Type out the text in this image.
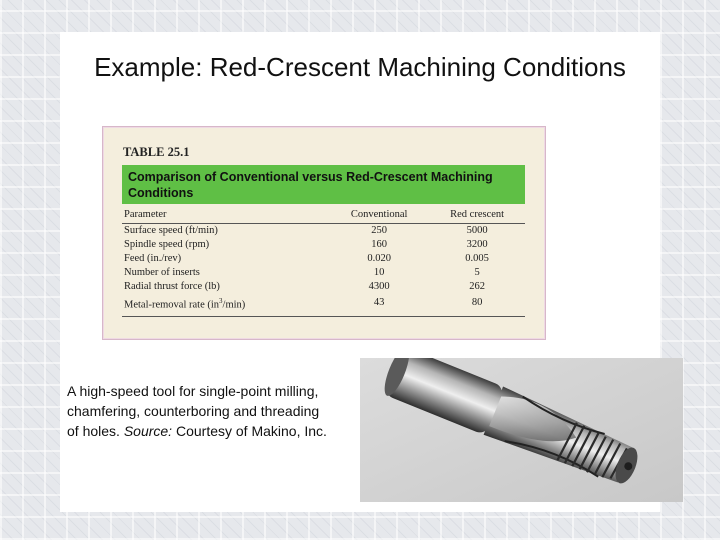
Example: Red-Crescent Machining Conditions
TABLE 25.1
Comparison of Conventional versus Red-Crescent Machining Conditions
Parameter	Conventional	Red crescent
Surface speed (ft/min)	250	5000
Spindle speed (rpm)	160	3200
Feed (in./rev)	0.020	0.005
Number of inserts	10	5
Radial thrust force (lb)	4300	262
Metal-removal rate $(in^3/\min)$	43	80

A high-speed tool for single-point milling, chamfering, counterboring and threading of holes. Source: Courtesy of Makino, Inc.
